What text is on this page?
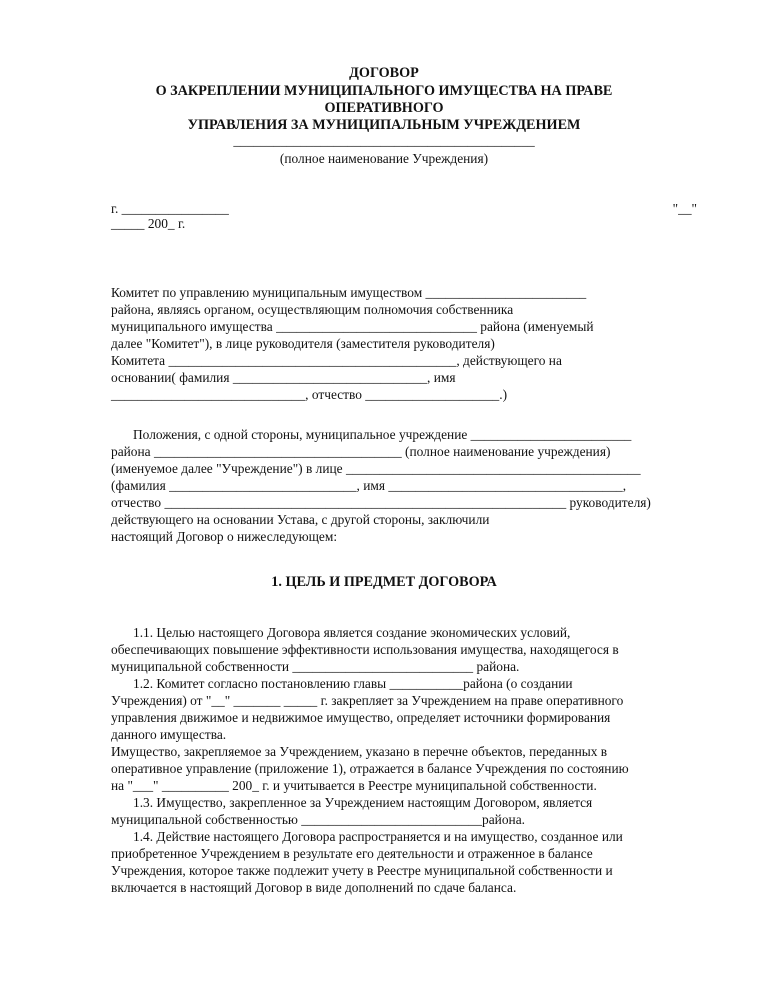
ДОГОВОР

О ЗАКРЕПЛЕНИИ МУНИЦИПАЛЬНОГО ИМУЩЕСТВА НА ПРАВЕ

ОПЕРАТИВНОГО

УПРАВЛЕНИЯ ЗА МУНИЦИПАЛЬНЫМ УЧРЕЖДЕНИЕМ

_____________________________________________

(полное наименование Учреждения)

г. ________________	"__"

_____ 200_ г.

Комитет по управлению муниципальным имуществом ________________________

района, являясь органом, осуществляющим полномочия собственника

муниципального имущества ______________________________ района (именуемый

далее "Комитет"), в лице руководителя (заместителя руководителя)

Комитета ___________________________________________, действующего на

основании( фамилия _____________________________, имя

_____________________________, отчество ____________________.)

Положения, с одной стороны, муниципальное учреждение ________________________

района _____________________________________ (полное наименование учреждения)

(именуемое далее "Учреждение") в лице ____________________________________________

(фамилия ____________________________, имя ___________________________________,

отчество ____________________________________________________________ руководителя)

действующего на основании Устава, с другой стороны, заключили

настоящий Договор о нижеследующем:

1. ЦЕЛЬ И ПРЕДМЕТ ДОГОВОРА

1.1. Целью настоящего Договора является создание экономических условий,

обеспечивающих повышение эффективности использования имущества, находящегося в

муниципальной собственности ___________________________ района.

1.2. Комитет согласно постановлению главы ___________района (о создании

Учреждения) от "__" _______ _____ г. закрепляет за Учреждением на праве оперативного

управления движимое и недвижимое имущество, определяет источники формирования

данного имущества.

Имущество, закрепляемое за Учреждением, указано в перечне объектов, переданных в

оперативное управление (приложение 1), отражается в балансе Учреждения по состоянию

на "___" __________ 200_ г. и учитывается в Реестре муниципальной собственности.

1.3. Имущество, закрепленное за Учреждением настоящим Договором, является

муниципальной собственностью ___________________________района.

1.4. Действие настоящего Договора распространяется и на имущество, созданное или

приобретенное Учреждением в результате его деятельности и отраженное в балансе

Учреждения, которое также подлежит учету в Реестре муниципальной собственности и

включается в настоящий Договор в виде дополнений по сдаче баланса.
